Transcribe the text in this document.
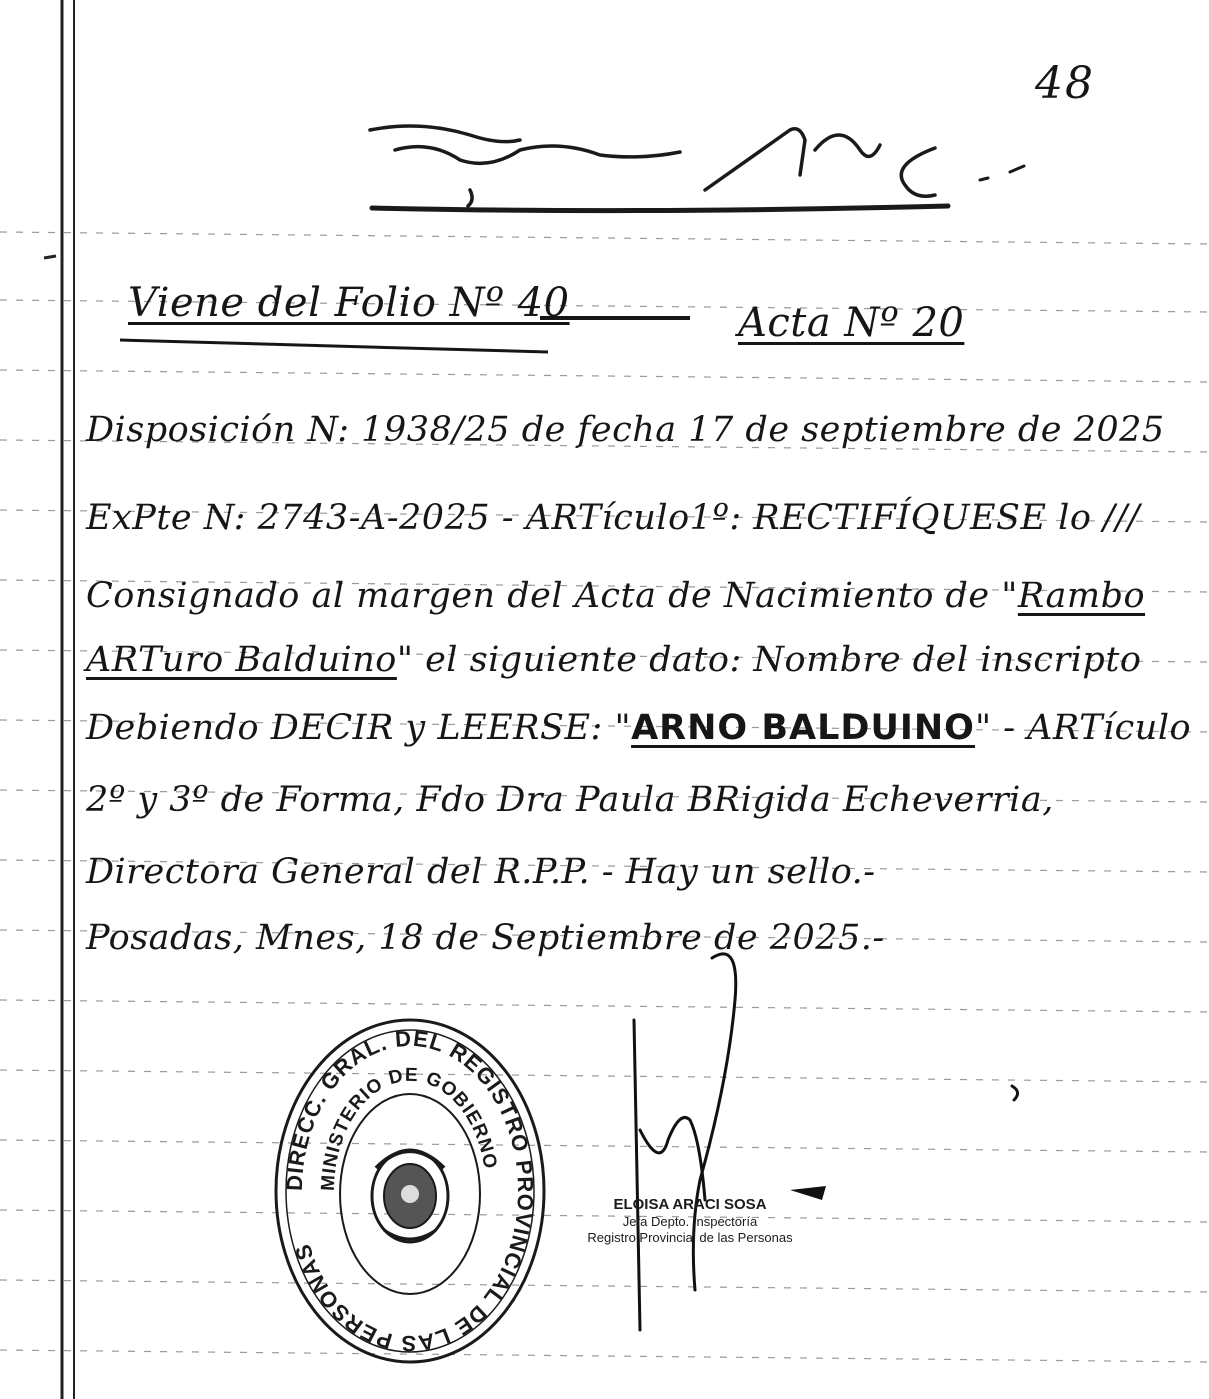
48
Viene del Folio Nº 40	Acta Nº 20
Disposición N: 1938/25 de fecha 17 de septiembre de 2025
ExPte N: 2743-A-2025 - ARTículo1º: RECTIFÍQUESE lo ///
Consignado al margen del Acta de Nacimiento de "Rambo
ARTuro Balduino" el siguiente dato: Nombre del inscripto
Debiendo DECIR y LEERSE: "ARNO BALDUINO" - ARTículo
2º y 3º de Forma, Fdo Dra Paula BRigida Echeverria,
Directora General del R.P.P. - Hay un sello.-
Posadas, Mnes, 18 de Septiembre de 2025.-
DIRECC. GRAL. DEL REGISTRO PROVINCIAL DE LAS PERSONAS
MINISTERIO DE GOBIERNO
ELOISA ARACI SOSA
Jefa Depto. Inspectoría
Registro Provincial de las Personas
